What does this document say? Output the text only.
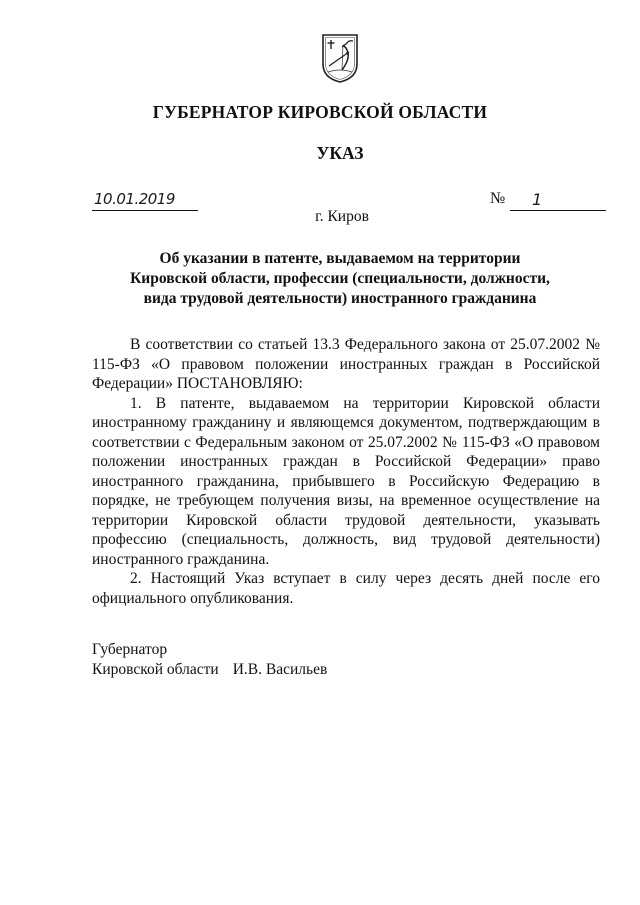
ГУБЕРНАТОР КИРОВСКОЙ ОБЛАСТИ
УКАЗ
10.01.2019	№ 1
г. Киров
Об указании в патенте, выдаваемом на территории
Кировской области, профессии (специальности, должности,
вида трудовой деятельности) иностранного гражданина

В соответствии со статьей 13.3 Федерального закона от 25.07.2002 № 115-ФЗ «О правовом положении иностранных граждан в Российской Федерации» ПОСТАНОВЛЯЮ:

1. В патенте, выдаваемом на территории Кировской области иностранному гражданину и являющемся документом, подтверждающим в соответствии с Федеральным законом от 25.07.2002 № 115-ФЗ «О правовом положении иностранных граждан в Российской Федерации» право иностранного гражданина, прибывшего в Российскую Федерацию в порядке, не требующем получения визы, на временное осуществление на территории Кировской области трудовой деятельности, указывать профессию (специальность, должность, вид трудовой деятельности) иностранного гражданина.

2. Настоящий Указ вступает в силу через десять дней после его официального опубликования.

Губернатор
Кировской области И.В. Васильев
